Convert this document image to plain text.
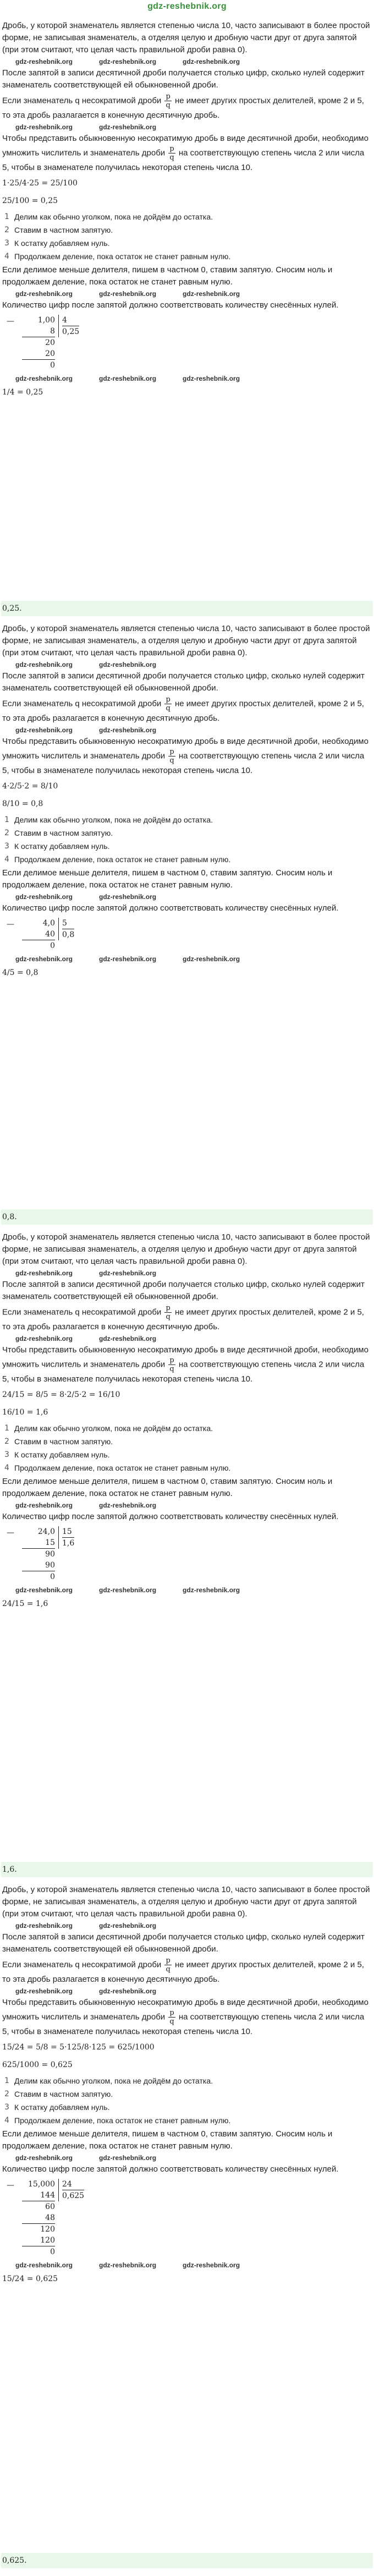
gdz-reshebnik.org
Дробь, у которой знаменатель является степенью числа 10, часто записывают в более простой форме, не записывая знаменатель, а отделяя целую и дробную части друг от друга запятой (при этом считают, что целая часть правильной дроби равна 0).
gdz-reshebnik.org	gdz-reshebnik.org	gdz-reshebnik.org
После запятой в записи десятичной дроби получается столько цифр, сколько нулей содержит знаменатель соответствующей ей обыкновенной дроби.
Если знаменатель q несократимой дроби $\frac{p}{q}$ не имеет других простых делителей, кроме 2 и 5, то эта дробь разлагается в конечную десятичную дробь.
gdz-reshebnik.org	gdz-reshebnik.org
Чтобы представить обыкновенную несократимую дробь в виде десятичной дроби, необходимо умножить числитель и знаменатель дроби $\frac{p}{q}$ на соответствующую степень числа 2 или числа 5, чтобы в знаменателе получилась некоторая степень числа 10.
1·25/4·25 = 25/100
25/100 = 0,25
1 Делим как обычно уголком, пока не дойдём до остатка.
2 Ставим в частном запятую.
3 К остатку добавляем нуль.
4 Продолжаем деление, пока остаток не станет равным нулю.
Если делимое меньше делителя, пишем в частном 0, ставим запятую. Сносим ноль и продолжаем деление, пока остаток не станет равным нулю.
gdz-reshebnik.org	gdz-reshebnik.org	gdz-reshebnik.org
Количество цифр после запятой должно соответствовать количеству снесённых нулей.
—	1,00
8
20
20
0
4
0,25
gdz-reshebnik.org	gdz-reshebnik.org	gdz-reshebnik.org
1/4 = 0,25
0,25.
Дробь, у которой знаменатель является степенью числа 10, часто записывают в более простой форме, не записывая знаменатель, а отделяя целую и дробную части друг от друга запятой (при этом считают, что целая часть правильной дроби равна 0).
gdz-reshebnik.org	gdz-reshebnik.org
После запятой в записи десятичной дроби получается столько цифр, сколько нулей содержит знаменатель соответствующей ей обыкновенной дроби.
Если знаменатель q несократимой дроби $\frac{p}{q}$ не имеет других простых делителей, кроме 2 и 5, то эта дробь разлагается в конечную десятичную дробь.
gdz-reshebnik.org	gdz-reshebnik.org
Чтобы представить обыкновенную несократимую дробь в виде десятичной дроби, необходимо умножить числитель и знаменатель дроби $\frac{p}{q}$ на соответствующую степень числа 2 или числа 5, чтобы в знаменателе получилась некоторая степень числа 10.
4·2/5·2 = 8/10
8/10 = 0,8
1 Делим как обычно уголком, пока не дойдём до остатка.
2 Ставим в частном запятую.
3 К остатку добавляем нуль.
4 Продолжаем деление, пока остаток не станет равным нулю.
Если делимое меньше делителя, пишем в частном 0, ставим запятую. Сносим ноль и продолжаем деление, пока остаток не станет равным нулю.
gdz-reshebnik.org	gdz-reshebnik.org
Количество цифр после запятой должно соответствовать количеству снесённых нулей.
—	4,0
40
0
5
0,8
gdz-reshebnik.org	gdz-reshebnik.org	gdz-reshebnik.org
4/5 = 0,8
0,8.
Дробь, у которой знаменатель является степенью числа 10, часто записывают в более простой форме, не записывая знаменатель, а отделяя целую и дробную части друг от друга запятой (при этом считают, что целая часть правильной дроби равна 0).
gdz-reshebnik.org	gdz-reshebnik.org
После запятой в записи десятичной дроби получается столько цифр, сколько нулей содержит знаменатель соответствующей ей обыкновенной дроби.
Если знаменатель q несократимой дроби $\frac{p}{q}$ не имеет других простых делителей, кроме 2 и 5, то эта дробь разлагается в конечную десятичную дробь.
gdz-reshebnik.org	gdz-reshebnik.org
Чтобы представить обыкновенную несократимую дробь в виде десятичной дроби, необходимо умножить числитель и знаменатель дроби $\frac{p}{q}$ на соответствующую степень числа 2 или числа 5, чтобы в знаменателе получилась некоторая степень числа 10.
24/15 = 8/5 = 8·2/5·2 = 16/10
16/10 = 1,6
1 Делим как обычно уголком, пока не дойдём до остатка.
2 Ставим в частном запятую.
3 К остатку добавляем нуль.
4 Продолжаем деление, пока остаток не станет равным нулю.
Если делимое меньше делителя, пишем в частном 0, ставим запятую. Сносим ноль и продолжаем деление, пока остаток не станет равным нулю.
gdz-reshebnik.org	gdz-reshebnik.org
Количество цифр после запятой должно соответствовать количеству снесённых нулей.
—	24,0
15
90
90
0
15
1,6
gdz-reshebnik.org	gdz-reshebnik.org	gdz-reshebnik.org
24/15 = 1,6
1,6.
Дробь, у которой знаменатель является степенью числа 10, часто записывают в более простой форме, не записывая знаменатель, а отделяя целую и дробную части друг от друга запятой (при этом считают, что целая часть правильной дроби равна 0).
gdz-reshebnik.org	gdz-reshebnik.org
После запятой в записи десятичной дроби получается столько цифр, сколько нулей содержит знаменатель соответствующей ей обыкновенной дроби.
Если знаменатель q несократимой дроби $\frac{p}{q}$ не имеет других простых делителей, кроме 2 и 5, то эта дробь разлагается в конечную десятичную дробь.
gdz-reshebnik.org	gdz-reshebnik.org
Чтобы представить обыкновенную несократимую дробь в виде десятичной дроби, необходимо умножить числитель и знаменатель дроби $\frac{p}{q}$ на соответствующую степень числа 2 или числа 5, чтобы в знаменателе получилась некоторая степень числа 10.
15/24 = 5/8 = 5·125/8·125 = 625/1000
625/1000 = 0,625
1 Делим как обычно уголком, пока не дойдём до остатка.
2 Ставим в частном запятую.
3 К остатку добавляем нуль.
4 Продолжаем деление, пока остаток не станет равным нулю.
Если делимое меньше делителя, пишем в частном 0, ставим запятую. Сносим ноль и продолжаем деление, пока остаток не станет равным нулю.
gdz-reshebnik.org	gdz-reshebnik.org
Количество цифр после запятой должно соответствовать количеству снесённых нулей.
—	15,000
144
60
48
120
120
0
24
0,625
gdz-reshebnik.org	gdz-reshebnik.org	gdz-reshebnik.org
15/24 = 0,625
0,625.
